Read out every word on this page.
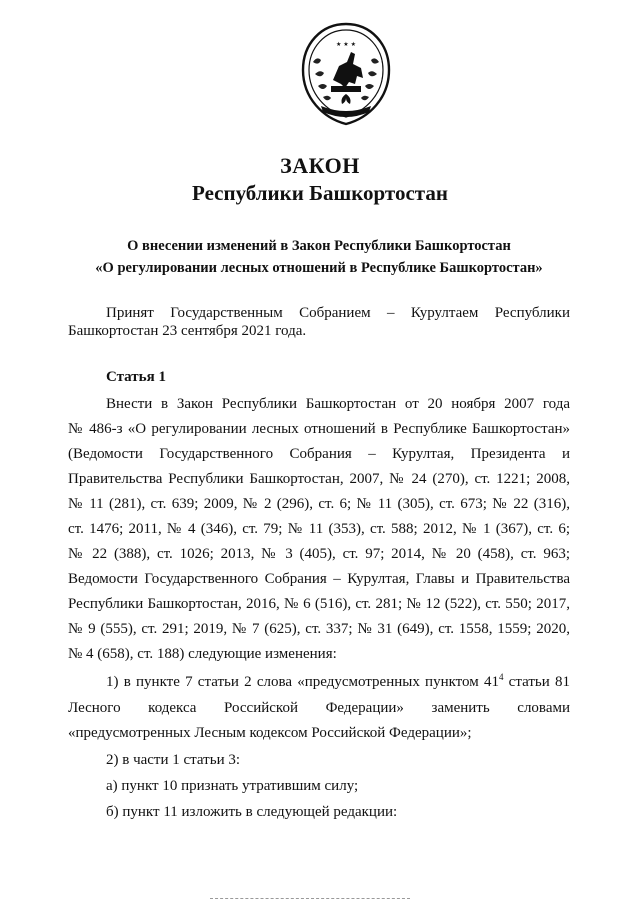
★ ★ ★
ЗАКОН
Республики Башкортостан
О внесении изменений в Закон Республики Башкортостан
«О регулировании лесных отношений в Республике Башкортостан»
Принят Государственным Собранием – Курултаем Республики
Башкортостан 23 сентября 2021 года.
Статья 1
Внести в Закон Республики Башкортостан от 20 ноября 2007 года
№ 486-з «О регулировании лесных отношений в Республике Башкортостан»
(Ведомости Государственного Собрания – Курултая, Президента и
Правительства Республики Башкортостан, 2007, № 24 (270), ст. 1221; 2008,
№ 11 (281), ст. 639; 2009, № 2 (296), ст. 6; № 11 (305), ст. 673; № 22 (316),
ст. 1476; 2011, № 4 (346), ст. 79; № 11 (353), ст. 588; 2012, № 1 (367), ст. 6;
№ 22 (388), ст. 1026; 2013, № 3 (405), ст. 97; 2014, № 20 (458), ст. 963;
Ведомости Государственного Собрания – Курултая, Главы и Правительства
Республики Башкортостан, 2016, № 6 (516), ст. 281; № 12 (522), ст. 550; 2017,
№ 9 (555), ст. 291; 2019, № 7 (625), ст. 337; № 31 (649), ст. 1558, 1559; 2020,
№ 4 (658), ст. 188) следующие изменения:
1) в пункте 7 статьи 2 слова «предусмотренных пунктом $41^4$ статьи 81
Лесного кодекса Российской Федерации» заменить словами
«предусмотренных Лесным кодексом Российской Федерации»;
2) в части 1 статьи 3:
а) пункт 10 признать утратившим силу;
б) пункт 11 изложить в следующей редакции:
